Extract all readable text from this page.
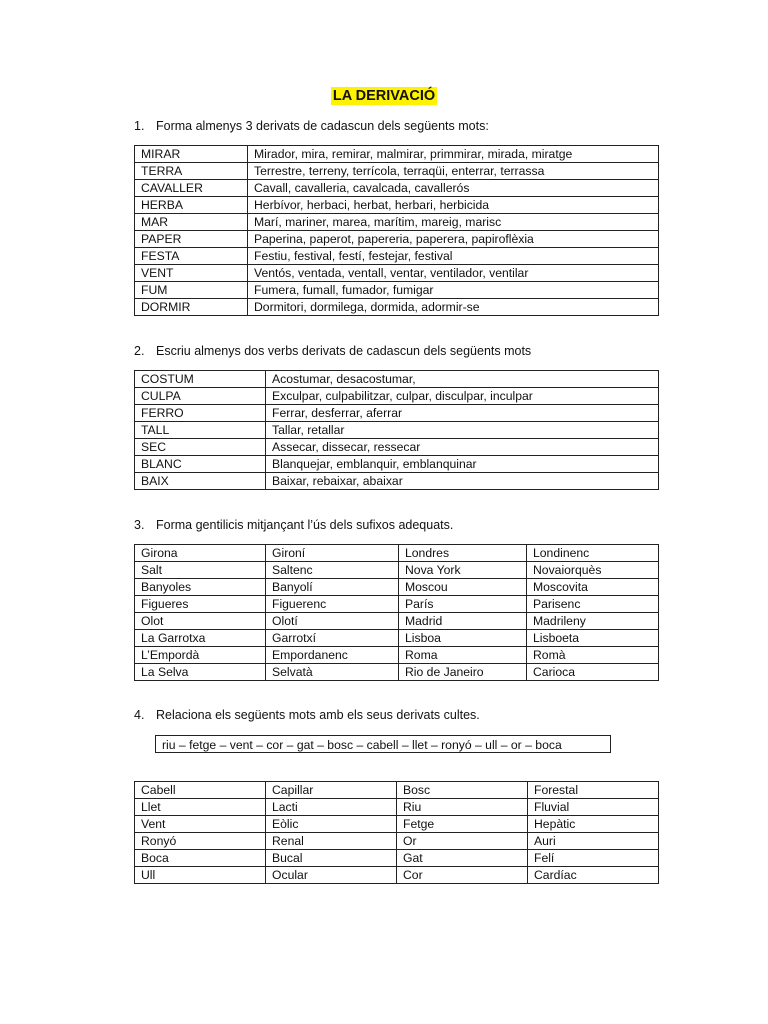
LA DERIVACIÓ
1. Forma almenys 3 derivats de cadascun dels següents mots:
MIRAR	Mirador, mira, remirar, malmirar, primmirar, mirada, miratge
TERRA	Terrestre, terreny, terrícola, terraqüi, enterrar, terrassa
CAVALLER	Cavall, cavalleria, cavalcada, cavallerós
HERBA	Herbívor, herbaci, herbat, herbari, herbicida
MAR	Marí, mariner, marea, marítim, mareig, marisc
PAPER	Paperina, paperot, papereria, paperera, papiroflèxia
FESTA	Festiu, festival, festí, festejar, festival
VENT	Ventós, ventada, ventall, ventar, ventilador, ventilar
FUM	Fumera, fumall, fumador, fumigar
DORMIR	Dormitori, dormilega, dormida, adormir-se
2. Escriu almenys dos verbs derivats de cadascun dels següents mots
COSTUM	Acostumar, desacostumar,
CULPA	Exculpar, culpabilitzar, culpar, disculpar, inculpar
FERRO	Ferrar, desferrar, aferrar
TALL	Tallar, retallar
SEC	Assecar, dissecar, ressecar
BLANC	Blanquejar, emblanquir, emblanquinar
BAIX	Baixar, rebaixar, abaixar
3. Forma gentilicis mitjançant l’ús dels sufixos adequats.
Girona	Gironí	Londres	Londinenc
Salt	Saltenc	Nova York	Novaiorquès
Banyoles	Banyolí	Moscou	Moscovita
Figueres	Figuerenc	París	Parisenc
Olot	Olotí	Madrid	Madrileny
La Garrotxa	Garrotxí	Lisboa	Lisboeta
L’Empordà	Empordanenc	Roma	Romà
La Selva	Selvatà	Rio de Janeiro	Carioca
4. Relaciona els següents mots amb els seus derivats cultes.
riu – fetge – vent – cor – gat – bosc – cabell – llet – ronyó – ull – or – boca
Cabell	Capillar	Bosc	Forestal
Llet	Lacti	Riu	Fluvial
Vent	Eòlic	Fetge	Hepàtic
Ronyó	Renal	Or	Auri
Boca	Bucal	Gat	Felí
Ull	Ocular	Cor	Cardíac
